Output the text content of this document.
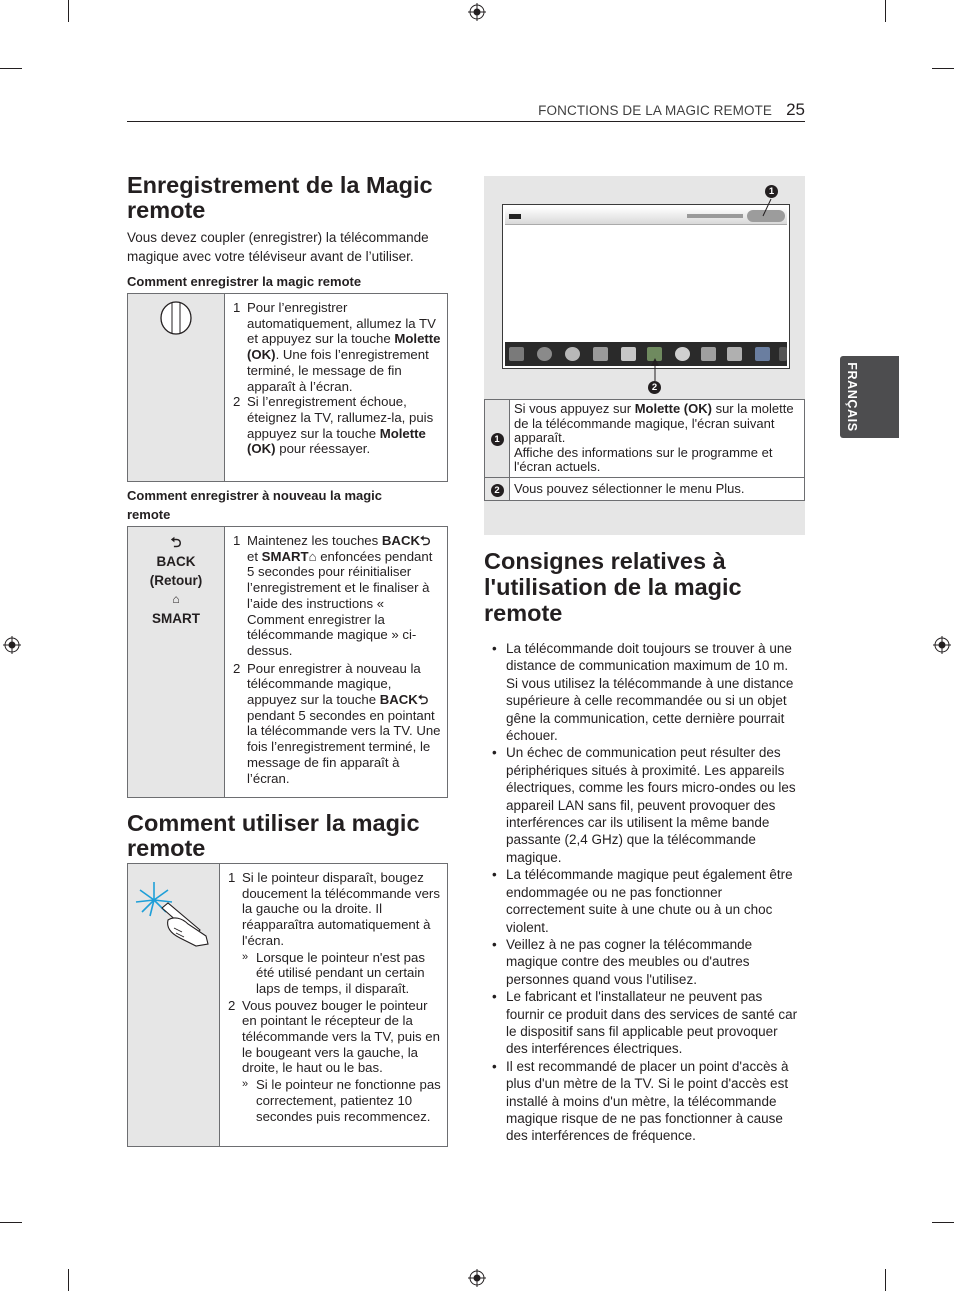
FONCTIONS DE LA MAGIC REMOTE 25
FRANÇAIS
Enregistrement de la Magic remote

Vous devez coupler (enregistrer) la télécommande magique avec votre téléviseur avant de l’utiliser.

Comment enregistrer la magic remote

1 Pour l’enregistrer automatiquement, allumez la TV et appuyez sur la touche Molette (OK). Une fois l’enregistrement terminé, le message de fin apparaît à l’écran.
2 Si l’enregistrement échoue, éteignez la TV, rallumez-la, puis appuyez sur la touche Molette (OK) pour réessayer.
Comment enregistrer à nouveau la magic remote
⮌
BACK
(Retour)
⌂
SMART

1 Maintenez les touches BACK⮌ et SMART⌂ enfoncées pendant 5 secondes pour réinitialiser l’enregistrement et le finaliser à l’aide des instructions « Comment enregistrer la télécommande magique » ci-dessus.
2 Pour enregistrer à nouveau la télécommande magique, appuyez sur la touche BACK⮌ pendant 5 secondes en pointant la télécommande vers la TV. Une fois l’enregistrement terminé, le message de fin apparaît à l’écran.
Comment utiliser la magic remote

1 Si le pointeur disparaît, bougez doucement la télécommande vers la gauche ou la droite. Il réapparaîtra automatiquement à l'écran.
» Lorsque le pointeur n'est pas été utilisé pendant un certain laps de temps, il disparaît.
2 Vous pouvez bouger le pointeur en pointant le récepteur de la télécommande vers la TV, puis en le bougeant vers la gauche, la droite, le haut ou le bas.
» Si le pointeur ne fonctionne pas correctement, patientez 10 secondes puis recommencez.
1
2
1	Si vous appuyez sur Molette (OK) sur la molette de la télécommande magique, l'écran suivant apparaît.
Affiche des informations sur le programme et l'écran actuels.
2	Vous pouvez sélectionner le menu Plus.
Consignes relatives à l'utilisation de la magic remote
• La télécommande doit toujours se trouver à une distance de communication maximum de 10 m. Si vous utilisez la télécommande à une distance supérieure à celle recommandée ou si un objet gêne la communication, cette dernière pourrait échouer.
• Un échec de communication peut résulter des périphériques situés à proximité. Les appareils électriques, comme les fours micro-ondes ou les appareil LAN sans fil, peuvent provoquer des interférences car ils utilisent la même bande passante (2,4 GHz) que la télécommande magique.
• La télécommande magique peut également être endommagée ou ne pas fonctionner correctement suite à une chute ou à un choc violent.
• Veillez à ne pas cogner la télécommande magique contre des meubles ou d'autres personnes quand vous l'utilisez.
• Le fabricant et l'installateur ne peuvent pas fournir ce produit dans des services de santé car le dispositif sans fil applicable peut provoquer des interférences électriques.
• Il est recommandé de placer un point d'accès à plus d'un mètre de la TV. Si le point d'accès est installé à moins d'un mètre, la télécommande magique risque de ne pas fonctionner à cause des interférences de fréquence.
